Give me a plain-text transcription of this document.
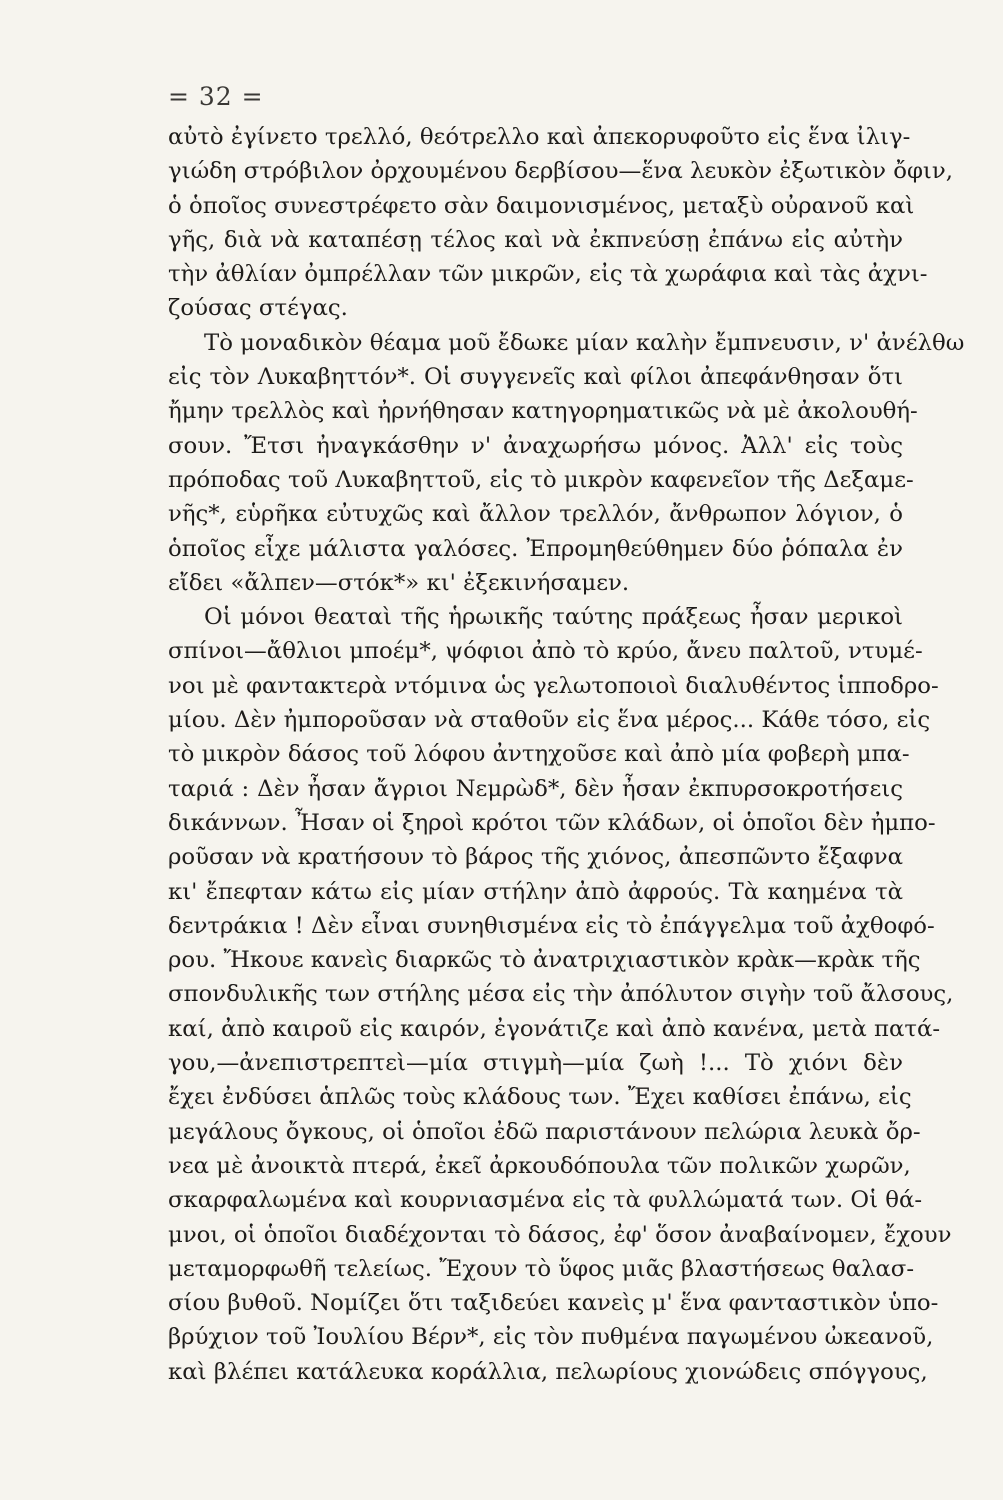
= 32 =
αὐτὸ ἐγίνετο τρελλό, θεότρελλο καὶ ἀπεκορυφοῦτο εἰς ἕνα ἰλιγ-
γιώδη στρόβιλον ὀρχουμένου δερβίσου—ἕνα λευκὸν ἐξωτικὸν ὄφιν,
ὁ ὁποῖος συνεστρέφετο σὰν δαιμονισμένος, μεταξὺ οὐρανοῦ καὶ
γῆς, διὰ νὰ καταπέσῃ τέλος καὶ νὰ ἐκπνεύσῃ ἐπάνω εἰς αὐτὴν
τὴν ἀθλίαν ὀμπρέλλαν τῶν μικρῶν, εἰς τὰ χωράφια καὶ τὰς ἀχνι-
ζούσας στέγας.
Τὸ μοναδικὸν θέαμα μοῦ ἔδωκε μίαν καλὴν ἔμπνευσιν, ν' ἀνέλθω
εἰς τὸν Λυκαβηττόν*. Οἱ συγγενεῖς καὶ φίλοι ἀπεφάνθησαν ὅτι
ἤμην τρελλὸς καὶ ἠρνήθησαν κατηγορηματικῶς νὰ μὲ ἀκολουθή-
σουν. Ἔτσι ἠναγκάσθην ν' ἀναχωρήσω μόνος. Ἀλλ' εἰς τοὺς
πρόποδας τοῦ Λυκαβηττοῦ, εἰς τὸ μικρὸν καφενεῖον τῆς Δεξαμε-
νῆς*, εὑρῆκα εὐτυχῶς καὶ ἄλλον τρελλόν, ἄνθρωπον λόγιον, ὁ
ὁποῖος εἶχε μάλιστα γαλόσες. Ἐπρομηθεύθημεν δύο ῥόπαλα ἐν
εἴδει «ἄλπεν—στόκ*» κι' ἐξεκινήσαμεν.
Οἱ μόνοι θεαταὶ τῆς ἡρωικῆς ταύτης πράξεως ἦσαν μερικοὶ
σπίνοι—ἄθλιοι μποέμ*, ψόφιοι ἀπὸ τὸ κρύο, ἄνευ παλτοῦ, ντυμέ-
νοι μὲ φαντακτερὰ ντόμινα ὡς γελωτοποιοὶ διαλυθέντος ἱπποδρο-
μίου. Δὲν ἠμποροῦσαν νὰ σταθοῦν εἰς ἕνα μέρος... Κάθε τόσο, εἰς
τὸ μικρὸν δάσος τοῦ λόφου ἀντηχοῦσε καὶ ἀπὸ μία φοβερὴ μπα-
ταριά : Δὲν ἦσαν ἄγριοι Νεμρὼδ*, δὲν ἦσαν ἐκπυρσοκροτήσεις
δικάννων. Ἦσαν οἱ ξηροὶ κρότοι τῶν κλάδων, οἱ ὁποῖοι δὲν ἠμπο-
ροῦσαν νὰ κρατήσουν τὸ βάρος τῆς χιόνος, ἀπεσπῶντο ἔξαφνα
κι' ἔπεφταν κάτω εἰς μίαν στήλην ἀπὸ ἀφρούς. Τὰ καημένα τὰ
δεντράκια ! Δὲν εἶναι συνηθισμένα εἰς τὸ ἐπάγγελμα τοῦ ἀχθοφό-
ρου. Ἤκουε κανεὶς διαρκῶς τὸ ἀνατριχιαστικὸν κρὰκ—κρὰκ τῆς
σπονδυλικῆς των στήλης μέσα εἰς τὴν ἀπόλυτον σιγὴν τοῦ ἄλσους,
καί, ἀπὸ καιροῦ εἰς καιρόν, ἐγονάτιζε καὶ ἀπὸ κανένα, μετὰ πατά-
γου,—ἀνεπιστρεπτεὶ—μία στιγμὴ—μία ζωὴ !... Τὸ χιόνι δὲν
ἔχει ἐνδύσει ἁπλῶς τοὺς κλάδους των. Ἔχει καθίσει ἐπάνω, εἰς
μεγάλους ὄγκους, οἱ ὁποῖοι ἐδῶ παριστάνουν πελώρια λευκὰ ὄρ-
νεα μὲ ἀνοικτὰ πτερά, ἐκεῖ ἀρκουδόπουλα τῶν πολικῶν χωρῶν,
σκαρφαλωμένα καὶ κουρνιασμένα εἰς τὰ φυλλώματά των. Οἱ θά-
μνοι, οἱ ὁποῖοι διαδέχονται τὸ δάσος, ἐφ' ὅσον ἀναβαίνομεν, ἔχουν
μεταμορφωθῆ τελείως. Ἔχουν τὸ ὕφος μιᾶς βλαστήσεως θαλασ-
σίου βυθοῦ. Νομίζει ὅτι ταξιδεύει κανεὶς μ' ἕνα φανταστικὸν ὑπο-
βρύχιον τοῦ Ἰουλίου Βέρν*, εἰς τὸν πυθμένα παγωμένου ὠκεανοῦ,
καὶ βλέπει κατάλευκα κοράλλια, πελωρίους χιονώδεις σπόγγους,
